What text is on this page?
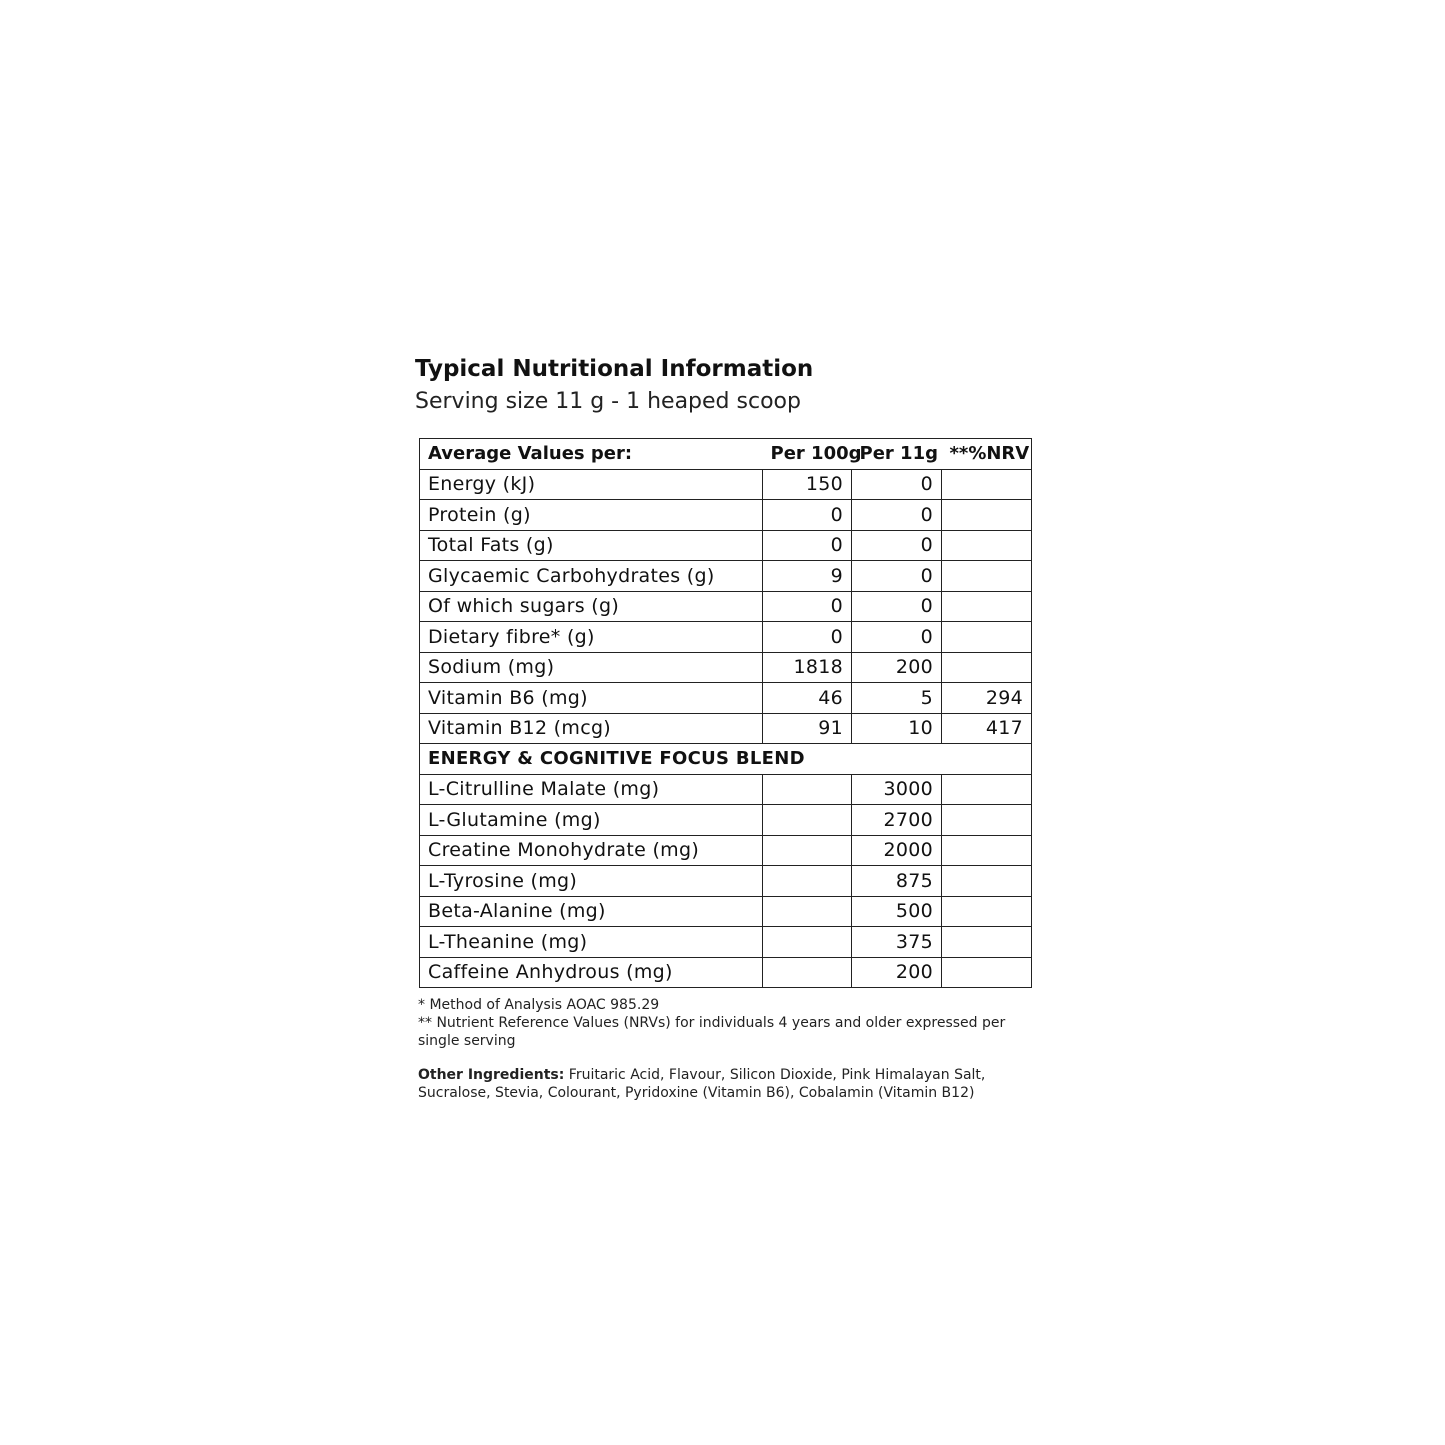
Typical Nutritional Information
Serving size 11 g - 1 heaped scoop
Average Values per:	Per 100g	Per 11g	**%NRV
Energy (kJ)	150	0	
Protein (g)	0	0	
Total Fats (g)	0	0	
Glycaemic Carbohydrates (g)	9	0	
Of which sugars (g)	0	0	
Dietary fibre* (g)	0	0	
Sodium (mg)	1818	200	
Vitamin B6 (mg)	46	5	294
Vitamin B12 (mcg)	91	10	417
ENERGY & COGNITIVE FOCUS BLEND			
L-Citrulline Malate (mg)		3000	
L-Glutamine (mg)		2700	
Creatine Monohydrate (mg)		2000	
L-Tyrosine (mg)		875	
Beta-Alanine (mg)		500	
L-Theanine (mg)		375	
Caffeine Anhydrous (mg)		200	
* Method of Analysis AOAC 985.29
** Nutrient Reference Values (NRVs) for individuals 4 years and older expressed per single serving
Other Ingredients: Fruitaric Acid, Flavour, Silicon Dioxide, Pink Himalayan Salt, Sucralose, Stevia, Colourant, Pyridoxine (Vitamin B6), Cobalamin (Vitamin B12)
